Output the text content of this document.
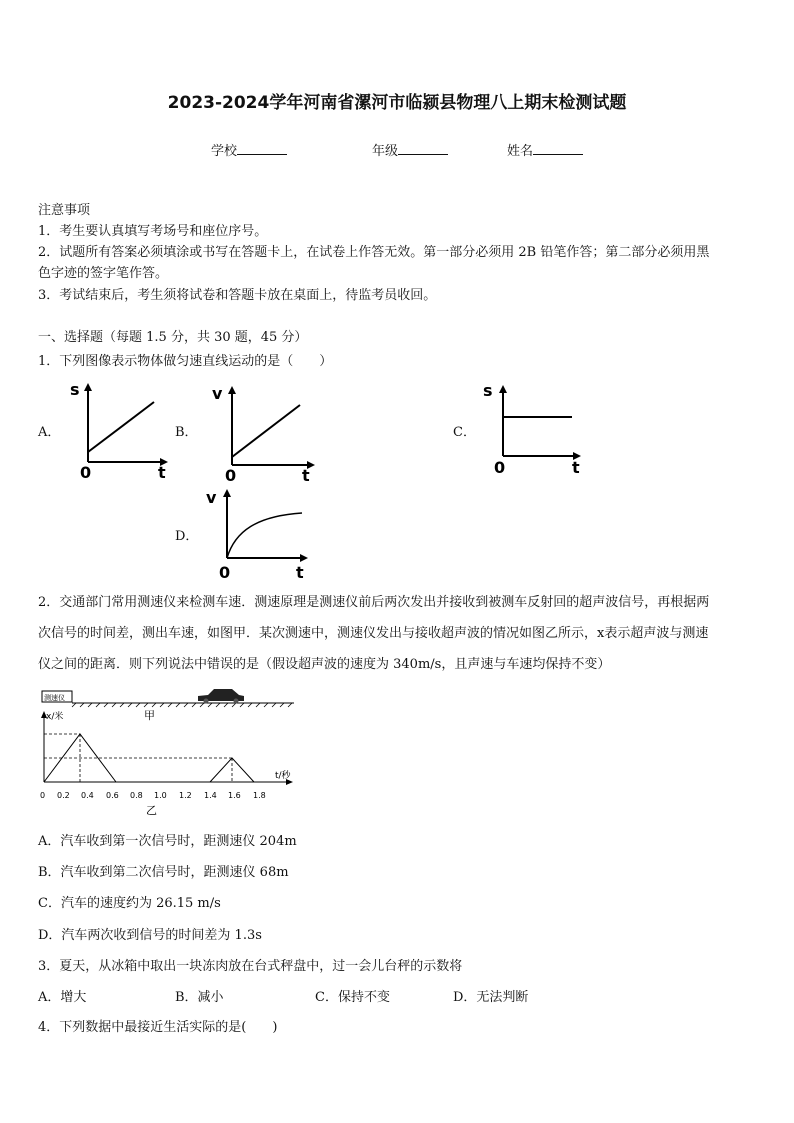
2023-2024学年河南省漯河市临颍县物理八上期末检测试题
学校	年级	姓名
注意事项
1．考生要认真填写考场号和座位序号。
2．试题所有答案必须填涂或书写在答题卡上，在试卷上作答无效。第一部分必须用 2B 铅笔作答；第二部分必须用黑
色字迹的签字笔作答。
3．考试结束后，考生须将试卷和答题卡放在桌面上，待监考员收回。
一、选择题（每题 1.5 分，共 30 题，45 分）
1．下列图像表示物体做匀速直线运动的是（　　）
A．
s
0	t
B．
v
0	t
C．
s
0	t
D．
v
0	t
2．交通部门常用测速仪来检测车速．测速原理是测速仪前后两次发出并接收到被测车反射回的超声波信号，再根据两
次信号的时间差，测出车速，如图甲．某次测速中，测速仪发出与接收超声波的情况如图乙所示，x表示超声波与测速
仪之间的距离．则下列说法中错误的是（假设超声波的速度为 340m/s，且声速与车速均保持不变）
测速仪
甲
x/米
t/秒
0 0.2 0.4 0.6 0.8 1.0 1.2 1.4 1.6 1.8
乙
A．汽车收到第一次信号时，距测速仪 204m
B．汽车收到第二次信号时，距测速仪 68m
C．汽车的速度约为 26.15 m/s
D．汽车两次收到信号的时间差为 1.3s
3．夏天，从冰箱中取出一块冻肉放在台式秤盘中，过一会儿台秤的示数将
A．增大	B．减小	C．保持不变	D．无法判断
4．下列数据中最接近生活实际的是(　　)
